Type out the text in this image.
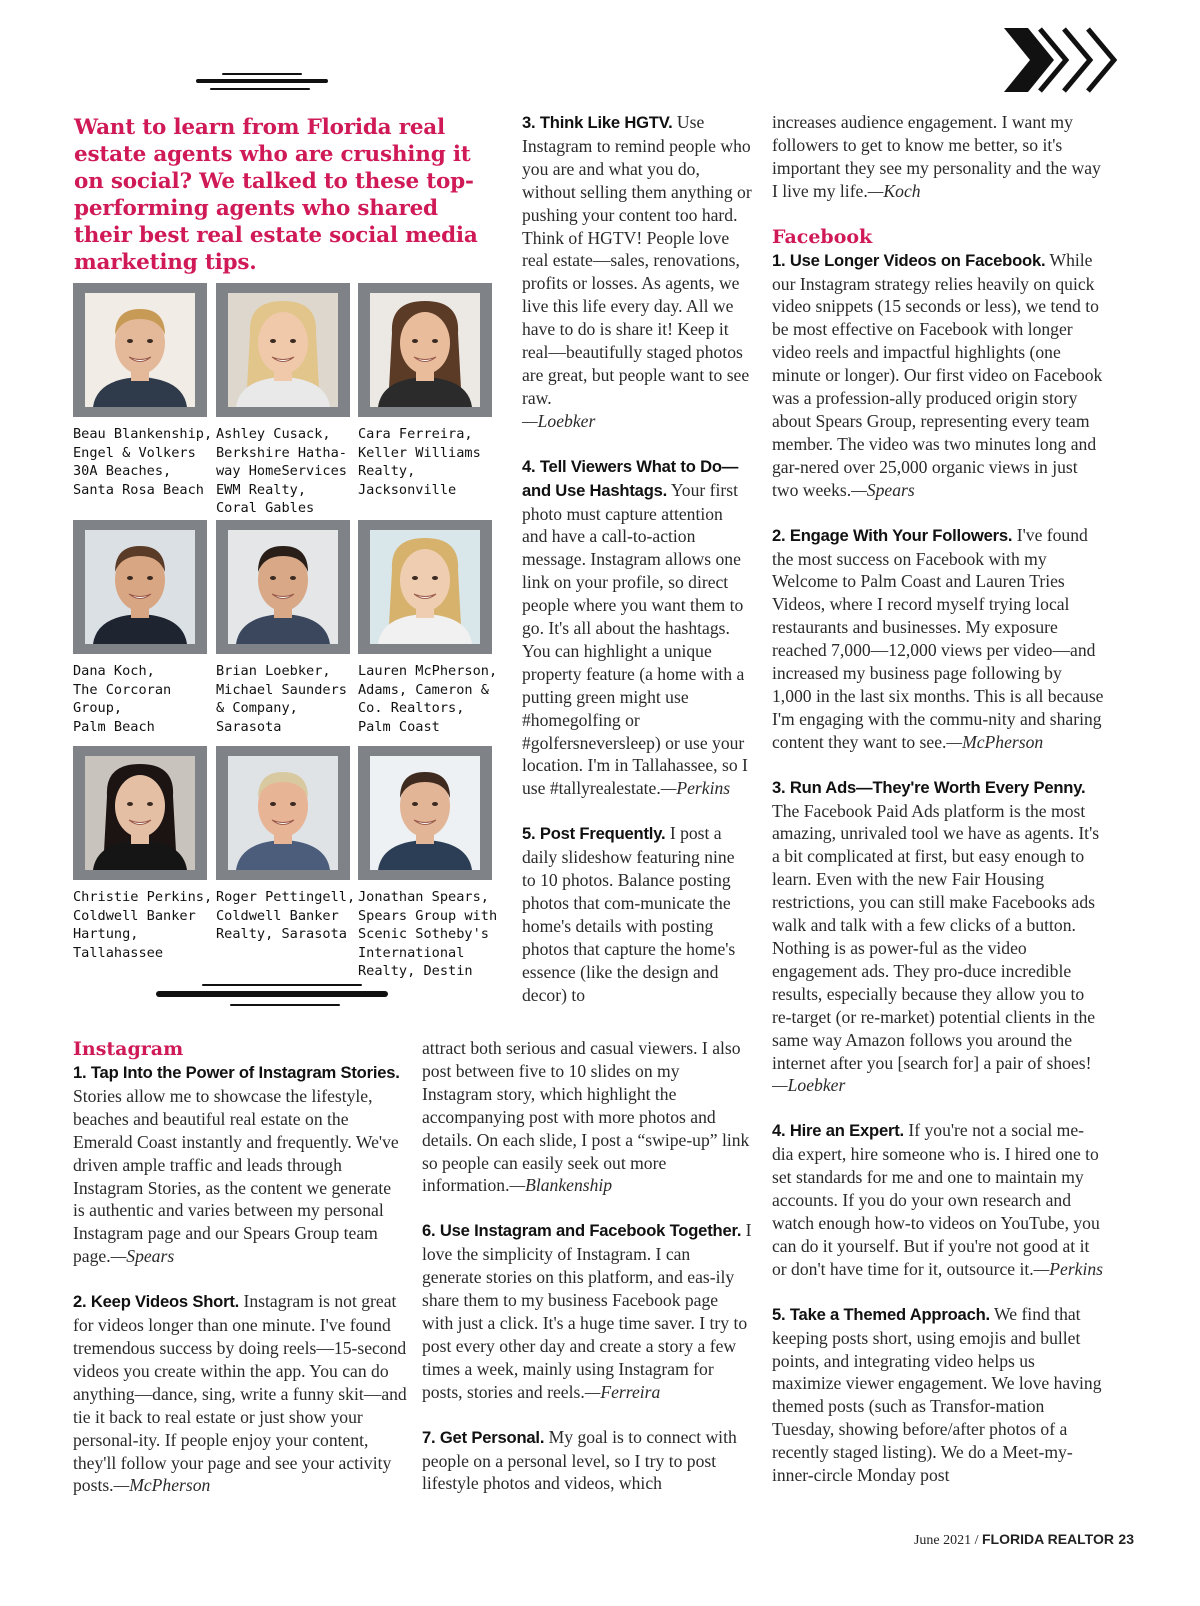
Want to learn from Florida real estate agents who are crushing it on social? We talked to these top-performing agents who shared their best real estate social media marketing tips.

Beau Blankenship,
Engel & Volkers
30A Beaches,
Santa Rosa Beach
Ashley Cusack,
Berkshire Hatha-
way HomeServices
EWM Realty,
Coral Gables
Cara Ferreira,
Keller Williams
Realty,
Jacksonville
Dana Koch,
The Corcoran
Group,
Palm Beach
Brian Loebker,
Michael Saunders
& Company,
Sarasota
Lauren McPherson,
Adams, Cameron &
Co. Realtors,
Palm Coast
Christie Perkins,
Coldwell Banker
Hartung,
Tallahassee
Roger Pettingell,
Coldwell Banker
Realty, Sarasota
Jonathan Spears,
Spears Group with
Scenic Sotheby's
International
Realty, Destin
Instagram

1. Tap Into the Power of Instagram Stories. Stories allow me to showcase the lifestyle, beaches and beautiful real estate on the Emerald Coast instantly and frequently. We've driven ample traffic and leads through Instagram Stories, as the content we generate is authentic and varies between my personal Instagram page and our Spears Group team page.—Spears

2. Keep Videos Short. Instagram is not great for videos longer than one minute. I've found tremendous success by doing reels—15-second videos you create within the app. You can do anything—dance, sing, write a funny skit—and tie it back to real estate or just show your personal-ity. If people enjoy your content, they'll follow your page and see your activity posts.—McPherson

3. Think Like HGTV. Use Instagram to remind people who you are and what you do, without selling them anything or pushing your content too hard. Think of HGTV! People love real estate—sales, renovations, profits or losses. As agents, we live this life every day. All we have to do is share it! Keep it real—beautifully staged photos are great, but people want to see raw.
—Loebker

4. Tell Viewers What to Do—and Use Hashtags. Your first photo must capture attention and have a call-to-action message. Instagram allows one link on your profile, so direct people where you want them to go. It's all about the hashtags. You can highlight a unique property feature (a home with a putting green might use #homegolfing or #golfersneversleep) or use your location. I'm in Tallahassee, so I use #tallyrealestate.—Perkins

5. Post Frequently. I post a daily slideshow featuring nine to 10 photos. Balance posting photos that com-municate the home's details with posting photos that capture the home's essence (like the design and decor) to

attract both serious and casual viewers. I also post between five to 10 slides on my Instagram story, which highlight the accompanying post with more photos and details. On each slide, I post a “swipe-up” link so people can easily seek out more information.—Blankenship

6. Use Instagram and Facebook Together. I love the simplicity of Instagram. I can generate stories on this platform, and eas-ily share them to my business Facebook page with just a click. It's a huge time saver. I try to post every other day and create a story a few times a week, mainly using Instagram for posts, stories and reels.—Ferreira

7. Get Personal. My goal is to connect with people on a personal level, so I try to post lifestyle photos and videos, which

increases audience engagement. I want my followers to get to know me better, so it's important they see my personality and the way I live my life.—Koch

Facebook

1. Use Longer Videos on Facebook. While our Instagram strategy relies heavily on quick video snippets (15 seconds or less), we tend to be most effective on Facebook with longer video reels and impactful highlights (one minute or longer). Our first video on Facebook was a profession-ally produced origin story about Spears Group, representing every team member. The video was two minutes long and gar-nered over 25,000 organic views in just two weeks.—Spears

2. Engage With Your Followers. I've found the most success on Facebook with my Welcome to Palm Coast and Lauren Tries Videos, where I record myself trying local restaurants and businesses. My exposure reached 7,000—12,000 views per video—and increased my business page following by 1,000 in the last six months. This is all because I'm engaging with the commu-nity and sharing content they want to see.—McPherson

3. Run Ads—They're Worth Every Penny. The Facebook Paid Ads platform is the most amazing, unrivaled tool we have as agents. It's a bit complicated at first, but easy enough to learn. Even with the new Fair Housing restrictions, you can still make Facebooks ads walk and talk with a few clicks of a button. Nothing is as power-ful as the video engagement ads. They pro-duce incredible results, especially because they allow you to re-target (or re-market) potential clients in the same way Amazon follows you around the internet after you [search for] a pair of shoes!—Loebker

4. Hire an Expert. If you're not a social me-dia expert, hire someone who is. I hired one to set standards for me and one to maintain my accounts. If you do your own research and watch enough how-to videos on YouTube, you can do it yourself. But if you're not good at it or don't have time for it, outsource it.—Perkins

5. Take a Themed Approach. We find that keeping posts short, using emojis and bullet points, and integrating video helps us maximize viewer engagement. We love having themed posts (such as Transfor-mation Tuesday, showing before/after photos of a recently staged listing). We do a Meet-my-inner-circle Monday post

June 2021 / FLORIDA REALTOR 23
